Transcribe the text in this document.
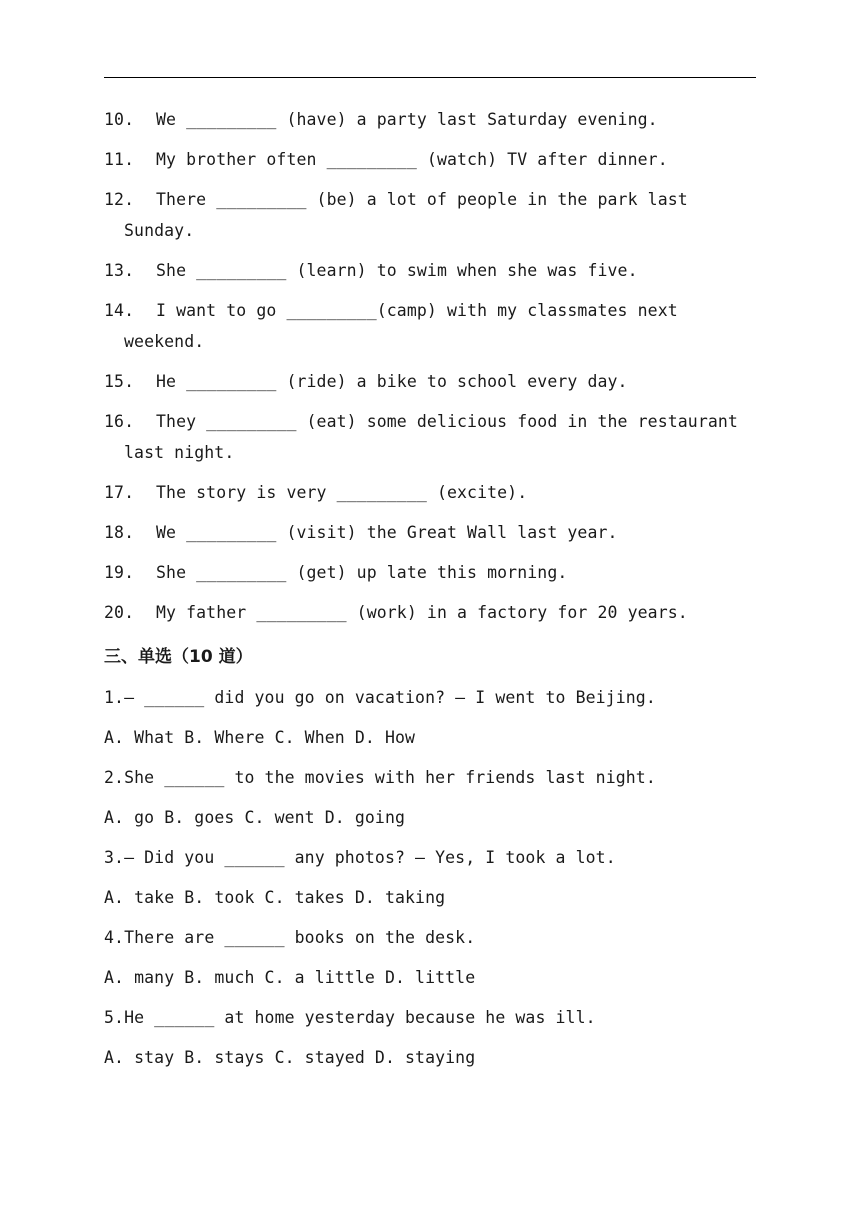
10. We _________ (have) a party last Saturday evening.
11. My brother often _________ (watch) TV after dinner.
12. There _________ (be) a lot of people in the park last
Sunday.
13. She _________ (learn) to swim when she was five.
14. I want to go _________(camp) with my classmates next
weekend.
15. He _________ (ride) a bike to school every day.
16. They _________ (eat) some delicious food in the restaurant
last night.
17. The story is very _________ (excite).
18. We _________ (visit) the Great Wall last year.
19. She _________ (get) up late this morning.
20. My father _________ (work) in a factory for 20 years.
三、单选（10 道）
1.— ______ did you go on vacation? — I went to Beijing.
A. What B. Where C. When D. How
2.She ______ to the movies with her friends last night.
A. go B. goes C. went D. going
3.— Did you ______ any photos? — Yes, I took a lot.
A. take B. took C. takes D. taking
4.There are ______ books on the desk.
A. many B. much C. a little D. little
5.He ______ at home yesterday because he was ill.
A. stay B. stays C. stayed D. staying
